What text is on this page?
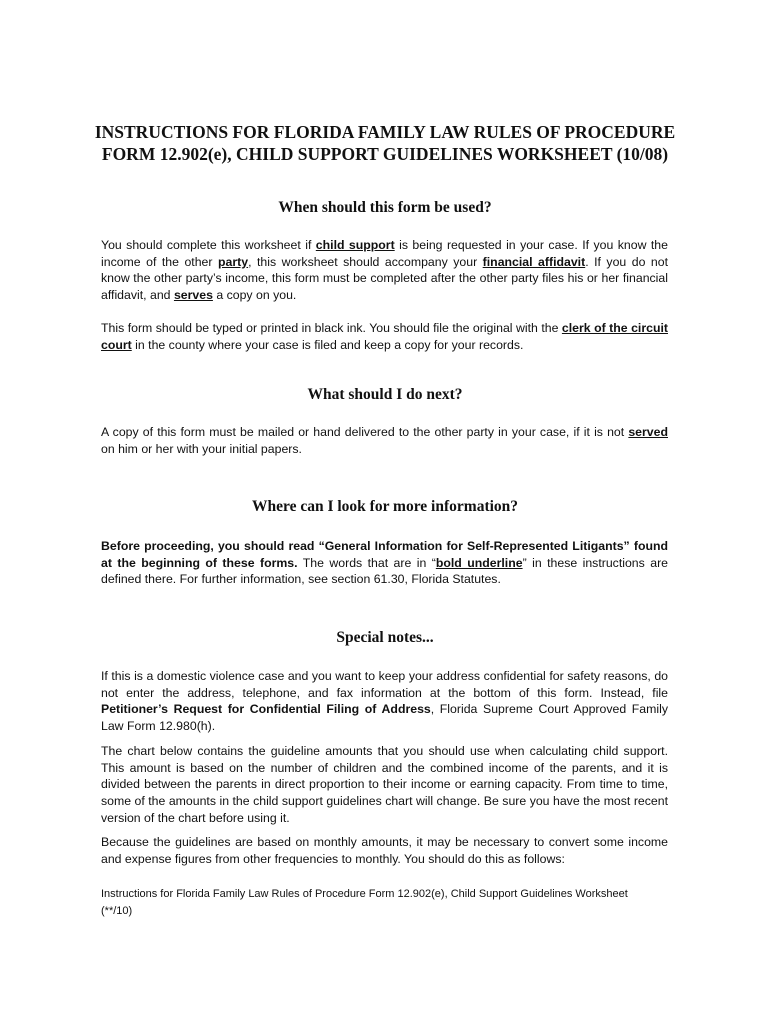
INSTRUCTIONS FOR FLORIDA FAMILY LAW RULES OF PROCEDURE
FORM 12.902(e), CHILD SUPPORT GUIDELINES WORKSHEET (10/08)
When should this form be used?
You should complete this worksheet if child support is being requested in your case. If you know the income of the other party, this worksheet should accompany your financial affidavit. If you do not know the other party’s income, this form must be completed after the other party files his or her financial affidavit, and serves a copy on you.
This form should be typed or printed in black ink. You should file the original with the clerk of the circuit court in the county where your case is filed and keep a copy for your records.
What should I do next?
A copy of this form must be mailed or hand delivered to the other party in your case, if it is not served on him or her with your initial papers.
Where can I look for more information?
Before proceeding, you should read “General Information for Self-Represented Litigants” found at the beginning of these forms. The words that are in “bold underline” in these instructions are defined there. For further information, see section 61.30, Florida Statutes.
Special notes...
If this is a domestic violence case and you want to keep your address confidential for safety reasons, do not enter the address, telephone, and fax information at the bottom of this form. Instead, file Petitioner’s Request for Confidential Filing of Address, Florida Supreme Court Approved Family Law Form 12.980(h).
The chart below contains the guideline amounts that you should use when calculating child support. This amount is based on the number of children and the combined income of the parents, and it is divided between the parents in direct proportion to their income or earning capacity. From time to time, some of the amounts in the child support guidelines chart will change. Be sure you have the most recent version of the chart before using it.
Because the guidelines are based on monthly amounts, it may be necessary to convert some income and expense figures from other frequencies to monthly. You should do this as follows:
Instructions for Florida Family Law Rules of Procedure Form 12.902(e), Child Support Guidelines Worksheet
(**/10)
